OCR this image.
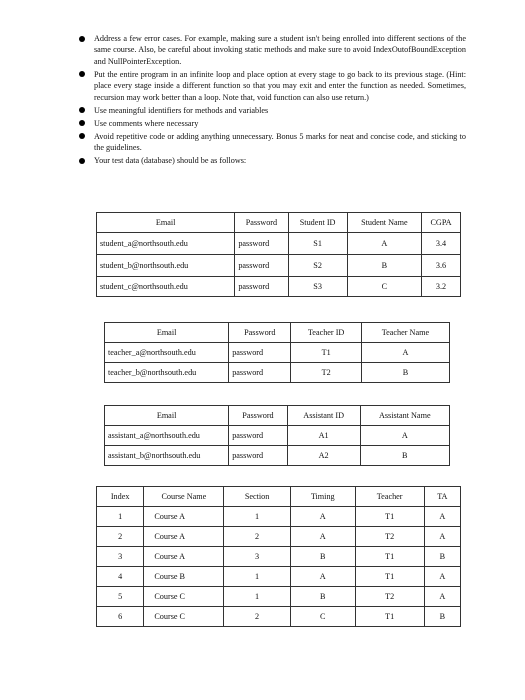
Address a few error cases. For example, making sure a student isn't being enrolled into different sections of the same course. Also, be careful about invoking static methods and make sure to avoid IndexOutofBoundException and NullPointerException.
Put the entire program in an infinite loop and place option at every stage to go back to its previous stage. (Hint: place every stage inside a different function so that you may exit and enter the function as needed. Sometimes, recursion may work better than a loop. Note that, void function can also use return.)
Use meaningful identifiers for methods and variables
Use comments where necessary
Avoid repetitive code or adding anything unnecessary. Bonus 5 marks for neat and concise code, and sticking to the guidelines.
Your test data (database) should be as follows:
Email	Password	Student ID	Student Name	CGPA
student_a@northsouth.edu	password	S1	A	3.4
student_b@northsouth.edu	password	S2	B	3.6
student_c@northsouth.edu	password	S3	C	3.2
Email	Password	Teacher ID	Teacher Name
teacher_a@northsouth.edu	password	T1	A
teacher_b@northsouth.edu	password	T2	B
Email	Password	Assistant ID	Assistant Name
assistant_a@northsouth.edu	password	A1	A
assistant_b@northsouth.edu	password	A2	B
Index	Course Name	Section	Timing	Teacher	TA
1	Course A	1	A	T1	A
2	Course A	2	A	T2	A
3	Course A	3	B	T1	B
4	Course B	1	A	T1	A
5	Course C	1	B	T2	A
6	Course C	2	C	T1	B
